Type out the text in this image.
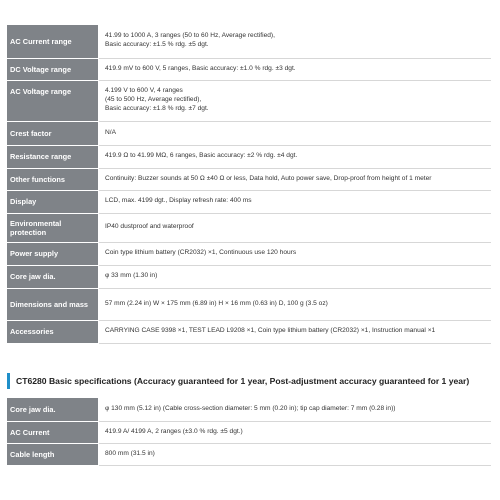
AC Current range	41.99 to 1000 A, 3 ranges (50 to 60 Hz, Average rectified),
Basic accuracy: ±1.5 % rdg. ±5 dgt.

DC Voltage range	419.9 mV to 600 V, 5 ranges, Basic accuracy: ±1.0 % rdg. ±3 dgt.

AC Voltage range	4.199 V to 600 V, 4 ranges
(45 to 500 Hz, Average rectified),
Basic accuracy: ±1.8 % rdg. ±7 dgt.

Crest factor	N/A

Resistance range	419.9 Ω to 41.99 MΩ, 6 ranges, Basic accuracy: ±2 % rdg. ±4 dgt.

Other functions	Continuity: Buzzer sounds at 50 Ω ±40 Ω or less, Data hold, Auto power save, Drop-proof from height of 1 meter

Display	LCD, max. 4199 dgt., Display refresh rate: 400 ms

Environmental protection	IP40 dustproof and waterproof

Power supply	Coin type lithium battery (CR2032) ×1, Continuous use 120 hours

Core jaw dia.	φ 33 mm (1.30 in)

Dimensions and mass	57 mm (2.24 in) W × 175 mm (6.89 in) H × 16 mm (0.63 in) D, 100 g (3.5 oz)

Accessories	CARRYING CASE 9398 ×1, TEST LEAD L9208 ×1, Coin type lithium battery (CR2032) ×1, Instruction manual ×1
CT6280 Basic specifications (Accuracy guaranteed for 1 year, Post-adjustment accuracy guaranteed for 1 year)
Core jaw dia.	φ 130 mm (5.12 in) (Cable cross-section diameter: 5 mm (0.20 in); tip cap diameter: 7 mm (0.28 in))

AC Current	419.9 A/ 4199 A, 2 ranges (±3.0 % rdg. ±5 dgt.)

Cable length	800 mm (31.5 in)
